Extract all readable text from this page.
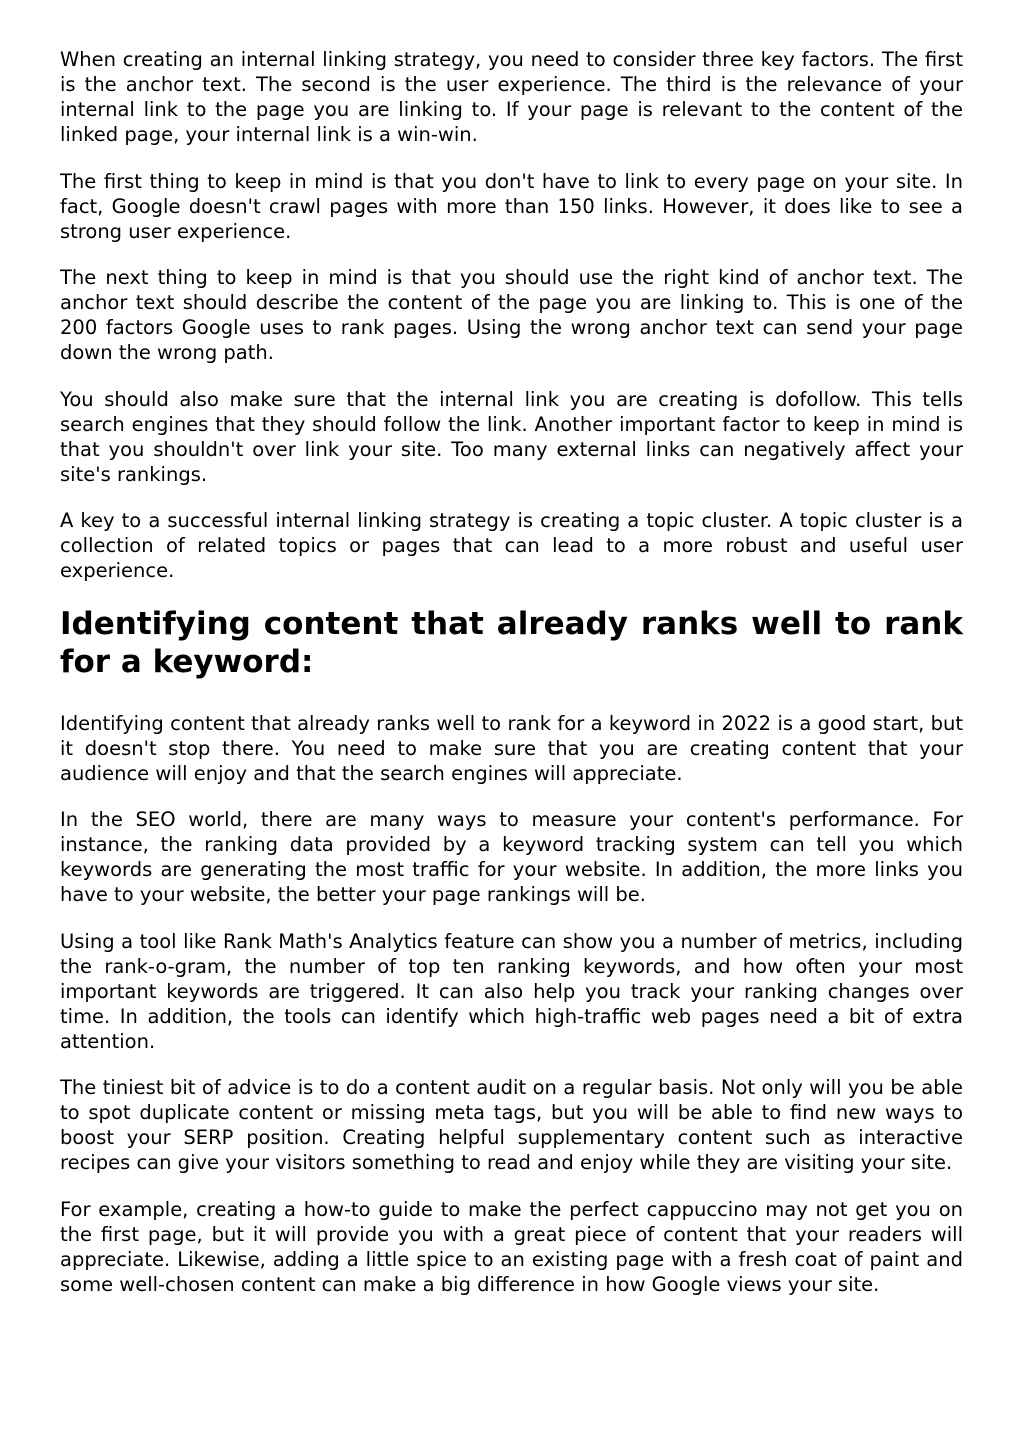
When creating an internal linking strategy, you need to consider three key factors. The first is the anchor text. The second is the user experience. The third is the relevance of your internal link to the page you are linking to. If your page is relevant to the content of the linked page, your internal link is a win-win.

The first thing to keep in mind is that you don't have to link to every page on your site. In fact, Google doesn't crawl pages with more than 150 links. However, it does like to see a strong user experience.

The next thing to keep in mind is that you should use the right kind of anchor text. The anchor text should describe the content of the page you are linking to. This is one of the 200 factors Google uses to rank pages. Using the wrong anchor text can send your page down the wrong path.

You should also make sure that the internal link you are creating is dofollow. This tells search engines that they should follow the link. Another important factor to keep in mind is that you shouldn't over link your site. Too many external links can negatively affect your site's rankings.

A key to a successful internal linking strategy is creating a topic cluster. A topic cluster is a collection of related topics or pages that can lead to a more robust and useful user experience.

Identifying content that already ranks well to rank for a keyword:

Identifying content that already ranks well to rank for a keyword in 2022 is a good start, but it doesn't stop there. You need to make sure that you are creating content that your audience will enjoy and that the search engines will appreciate.

In the SEO world, there are many ways to measure your content's performance. For instance, the ranking data provided by a keyword tracking system can tell you which keywords are generating the most traffic for your website. In addition, the more links you have to your website, the better your page rankings will be.

Using a tool like Rank Math's Analytics feature can show you a number of metrics, including the rank-o-gram, the number of top ten ranking keywords, and how often your most important keywords are triggered. It can also help you track your ranking changes over time. In addition, the tools can identify which high-traffic web pages need a bit of extra attention.

The tiniest bit of advice is to do a content audit on a regular basis. Not only will you be able to spot duplicate content or missing meta tags, but you will be able to find new ways to boost your SERP position. Creating helpful supplementary content such as interactive recipes can give your visitors something to read and enjoy while they are visiting your site.

For example, creating a how-to guide to make the perfect cappuccino may not get you on the first page, but it will provide you with a great piece of content that your readers will appreciate. Likewise, adding a little spice to an existing page with a fresh coat of paint and some well-chosen content can make a big difference in how Google views your site.
